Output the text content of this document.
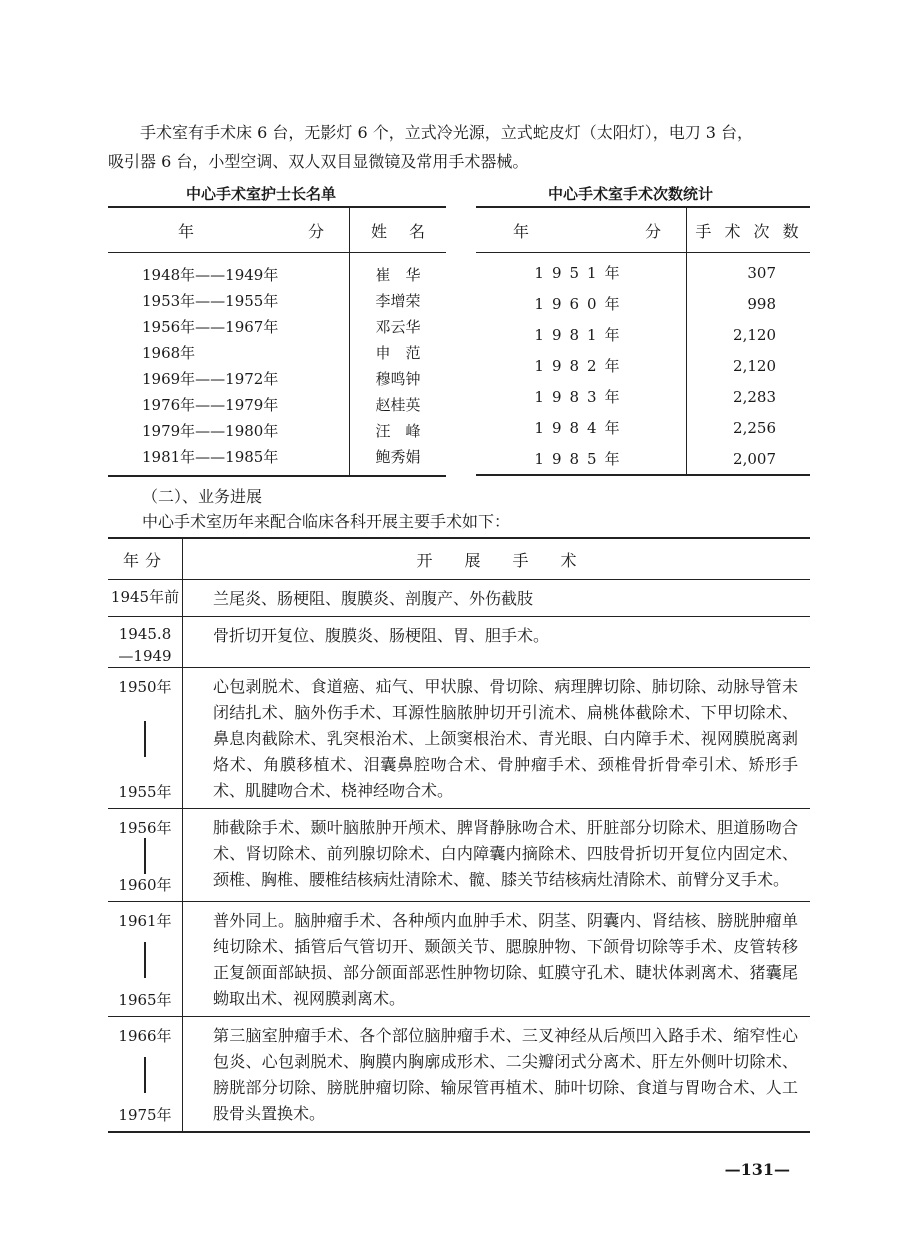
手术室有手术床 6 台，无影灯 6 个，立式冷光源，立式蛇皮灯（太阳灯），电刀 3 台，

吸引器 6 台，小型空调、双人双目显微镜及常用手术器械。

中心手术室护士长名单	中心手术室手术次数统计
年 分	姓 名

1948年——1949年	崔　华
1953年——1955年	李增荣
1956年——1967年	邓云华
1968年	申　范
1969年——1972年	穆鸣钟
1976年——1979年	赵桂英
1979年——1980年	汪　峰
1981年——1985年	鲍秀娟
年 分	手 术 次 数
1951年	307
1960年	998
1981年	2,120
1982年	2,120
1983年	2,283
1984年	2,256
1985年	2,007
（二）、业务进展
中心手术室历年来配合临床各科开展主要手术如下：
年分	开　　展　　手　　术

1945年前	兰尾炎、肠梗阻、腹膜炎、剖腹产、外伤截肢

1945.8
—1949	骨折切开复位、腹膜炎、肠梗阻、胃、胆手术。

1950年
1955年	心包剥脱术、食道癌、疝气、甲状腺、骨切除、病理脾切除、肺切除、动脉导管未闭结扎术、脑外伤手术、耳源性脑脓肿切开引流术、扁桃体截除术、下甲切除术、鼻息肉截除术、乳突根治术、上颌窦根治术、青光眼、白内障手术、视网膜脱离剥烙术、角膜移植术、泪囊鼻腔吻合术、骨肿瘤手术、颈椎骨折骨牵引术、矫形手术、肌腱吻合术、桡神经吻合术。

1956年
1960年	肺截除手术、颞叶脑脓肿开颅术、脾肾静脉吻合术、肝脏部分切除术、胆道肠吻合术、肾切除术、前列腺切除术、白内障囊内摘除术、四肢骨折切开复位内固定术、颈椎、胸椎、腰椎结核病灶清除术、髋、膝关节结核病灶清除术、前臂分叉手术。

1961年
1965年	普外同上。脑肿瘤手术、各种颅内血肿手术、阴茎、阴囊内、肾结核、膀胱肿瘤单纯切除术、插管后气管切开、颞颌关节、腮腺肿物、下颌骨切除等手术、皮管转移正复颌面部缺损、部分颌面部恶性肿物切除、虹膜守孔术、睫状体剥离术、猪囊尾蚴取出术、视网膜剥离术。

1966年
1975年	第三脑室肿瘤手术、各个部位脑肿瘤手术、三叉神经从后颅凹入路手术、缩窄性心包炎、心包剥脱术、胸膜内胸廓成形术、二尖瓣闭式分离术、肝左外侧叶切除术、膀胱部分切除、膀胱肿瘤切除、输尿管再植术、肺叶切除、食道与胃吻合术、人工股骨头置换术。
—131—
